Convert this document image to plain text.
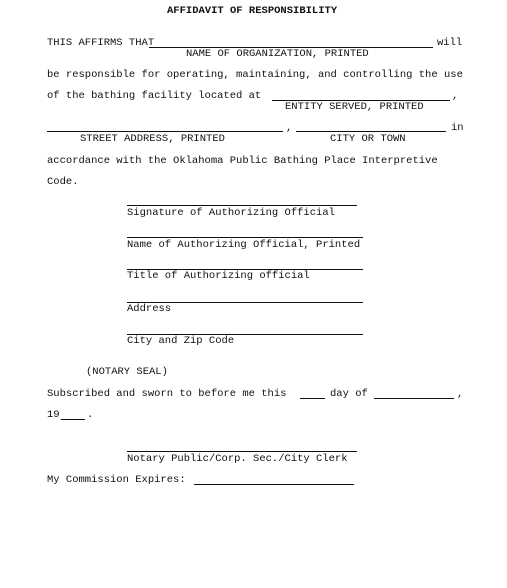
AFFIDAVIT OF RESPONSIBILITY
THIS AFFIRMS THAT	will
NAME OF ORGANIZATION, PRINTED
be responsible for operating, maintaining, and controlling the use
of the bathing facility located at	,
ENTITY SERVED, PRINTED
,	in
STREET ADDRESS, PRINTED	CITY OR TOWN
accordance with the Oklahoma Public Bathing Place Interpretive
Code.
Signature of Authorizing Official
Name of Authorizing Official, Printed
Title of Authorizing official
Address
City and Zip Code
(NOTARY SEAL)
Subscribed and sworn to before me this	day of	,
19	.
Notary Public/Corp. Sec./City Clerk
My Commission Expires:
